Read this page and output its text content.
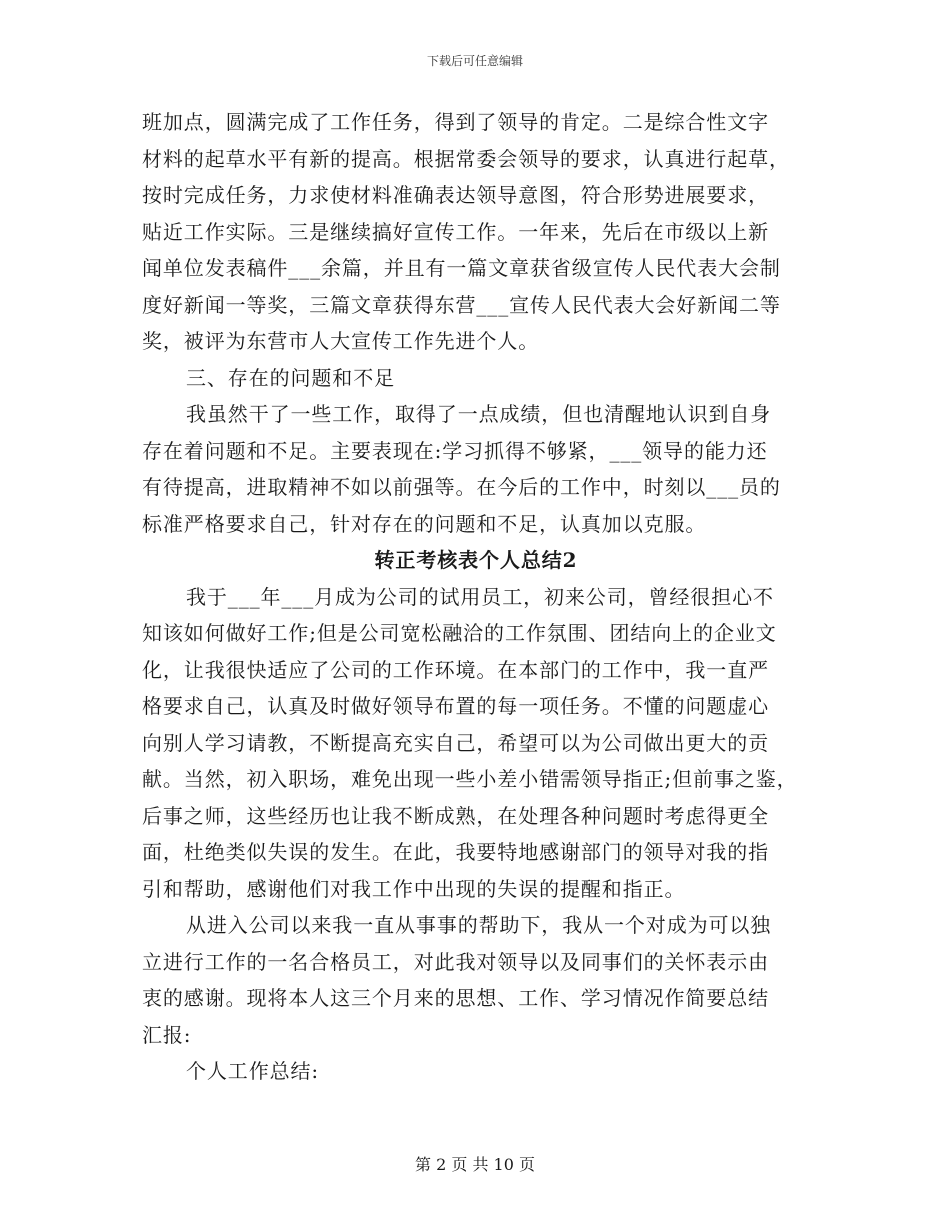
下载后可任意编辑
班加点，圆满完成了工作任务，得到了领导的肯定。二是综合性文字
材料的起草水平有新的提高。根据常委会领导的要求，认真进行起草，
按时完成任务，力求使材料准确表达领导意图，符合形势进展要求，
贴近工作实际。三是继续搞好宣传工作。一年来，先后在市级以上新
闻单位发表稿件___余篇，并且有一篇文章获省级宣传人民代表大会制
度好新闻一等奖，三篇文章获得东营___宣传人民代表大会好新闻二等
奖，被评为东营市人大宣传工作先进个人。
三、存在的问题和不足
我虽然干了一些工作，取得了一点成绩，但也清醒地认识到自身
存在着问题和不足。主要表现在:学习抓得不够紧，___领导的能力还
有待提高，进取精神不如以前强等。在今后的工作中，时刻以___员的
标准严格要求自己，针对存在的问题和不足，认真加以克服。
转正考核表个人总结2
我于___年___月成为公司的试用员工，初来公司，曾经很担心不
知该如何做好工作;但是公司宽松融洽的工作氛围、团结向上的企业文
化，让我很快适应了公司的工作环境。在本部门的工作中，我一直严
格要求自己，认真及时做好领导布置的每一项任务。不懂的问题虚心
向别人学习请教，不断提高充实自己，希望可以为公司做出更大的贡
献。当然，初入职场，难免出现一些小差小错需领导指正;但前事之鉴，
后事之师，这些经历也让我不断成熟，在处理各种问题时考虑得更全
面，杜绝类似失误的发生。在此，我要特地感谢部门的领导对我的指
引和帮助，感谢他们对我工作中出现的失误的提醒和指正。
从进入公司以来我一直从事事的帮助下，我从一个对成为可以独
立进行工作的一名合格员工，对此我对领导以及同事们的关怀表示由
衷的感谢。现将本人这三个月来的思想、工作、学习情况作简要总结
汇报:
个人工作总结:
第 2 页 共 10 页
